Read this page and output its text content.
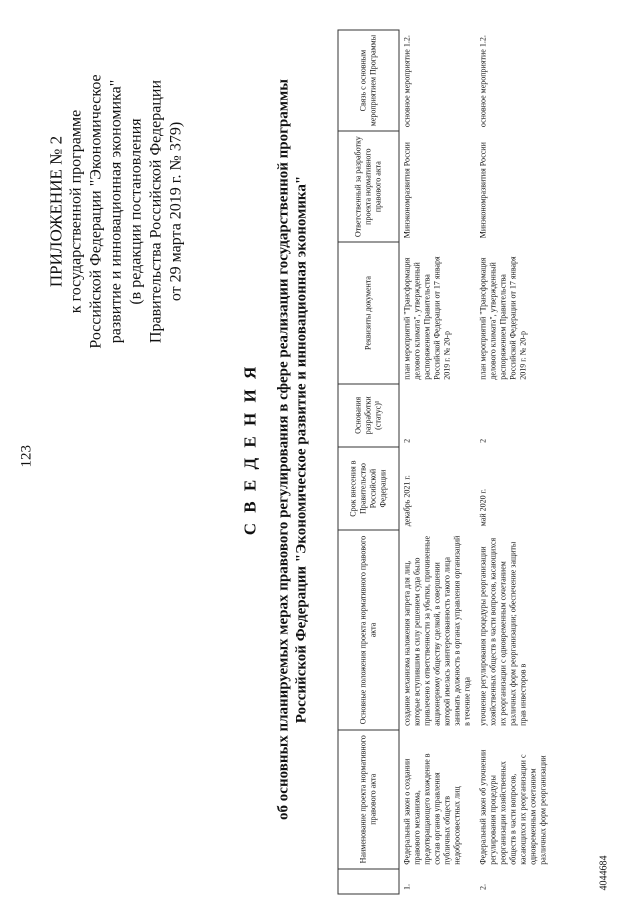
123
ПРИЛОЖЕНИЕ № 2 к государственной программе Российской Федерации "Экономическое развитие и инновационная экономика" (в редакции постановления Правительства Российской Федерации от 29 марта 2019 г. № 379)
С В Е Д Е Н И Я об основных планируемых мерах правового регулирования в сфере реализации государственной программы Российской Федерации "Экономическое развитие и инновационная экономика"
	Наименование проекта нормативного правового акта	Основные положения проекта нормативного правового акта	Срок внесения в Правительство Российской Федерации	Основания разработки (статус)¹	Реквизиты документа	Ответственный за разработку проекта нормативного правового акта	Связь с основным мероприятием Программы
1.	Федеральный закон о создании правового механизма, предотвращающего вхождение в состав органов управления публичных обществ недобросовестных лиц	создание механизма наложения запрета для лиц, которые вступившим в силу решением суда было привлечено к ответственности за убытки, причиненные акционерному обществу сделкой, в совершении которой имелась заинтересованность такого лица занимать должность в органах управления организаций в течение года	декабрь 2021 г.	2	план мероприятий "Трансформация делового климата", утвержденный распоряжением Правительства Российской Федерации от 17 января 2019 г. № 20-р	Минэкономразвития России	основное мероприятие 1.2.
2.	Федеральный закон об уточнении регулирования процедуры реорганизации хозяйственных обществ в части вопросов, касающихся их реорганизации с одновременным сочетанием различных форм реорганизации	уточнение регулирования процедуры реорганизации хозяйственных обществ в части вопросов, касающихся их реорганизации с одновременным сочетанием различных форм реорганизации; обеспечение защиты прав инвесторов в	май 2020 г.	2	план мероприятий "Трансформация делового климата", утвержденный распоряжением Правительства Российской Федерации от 17 января 2019 г. № 20-р	Минэкономразвития России	основное мероприятие 1.2.
4044684
